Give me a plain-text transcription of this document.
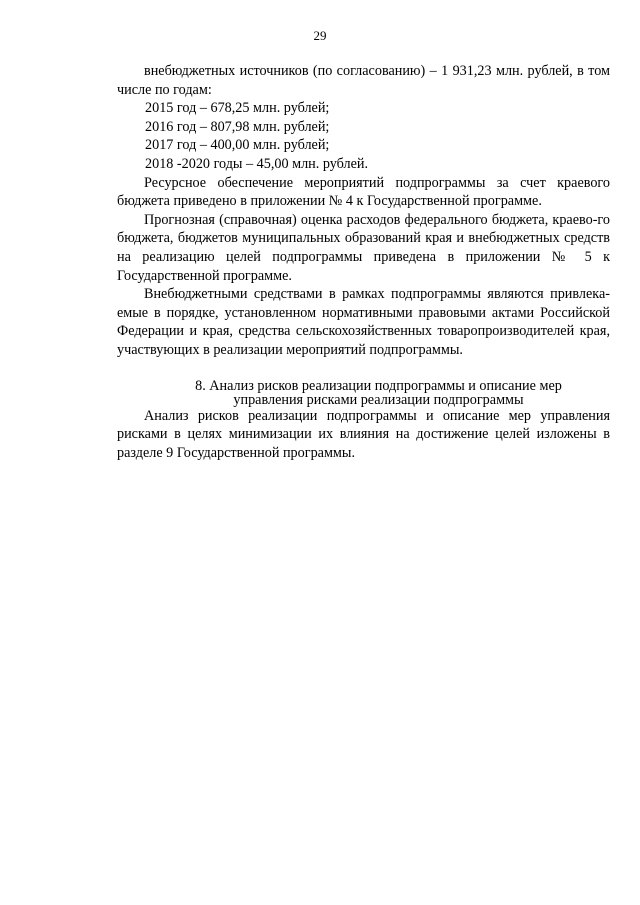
29

внебюджетных источников (по согласованию) – 1 931,23 млн. рублей, в том числе по годам:

2015 год – 678,25 млн. рублей;
2016 год – 807,98 млн. рублей;
2017 год – 400,00 млн. рублей;
2018 -2020 годы – 45,00 млн. рублей.

Ресурсное обеспечение мероприятий подпрограммы за счет краевого бюджета приведено в приложении № 4 к Государственной программе.

Прогнозная (справочная) оценка расходов федерального бюджета, краево-го бюджета, бюджетов муниципальных образований края и внебюджетных средств на реализацию целей подпрограммы приведена в приложении № 5 к Государственной программе.

Внебюджетными средствами в рамках подпрограммы являются привлека-емые в порядке, установленном нормативными правовыми актами Российской Федерации и края, средства сельскохозяйственных товаропроизводителей края, участвующих в реализации мероприятий подпрограммы.

8. Анализ рисков реализации подпрограммы и описание мер
управления рисками реализации подпрограммы

Анализ рисков реализации подпрограммы и описание мер управления рисками в целях минимизации их влияния на достижение целей изложены в разделе 9 Государственной программы.
